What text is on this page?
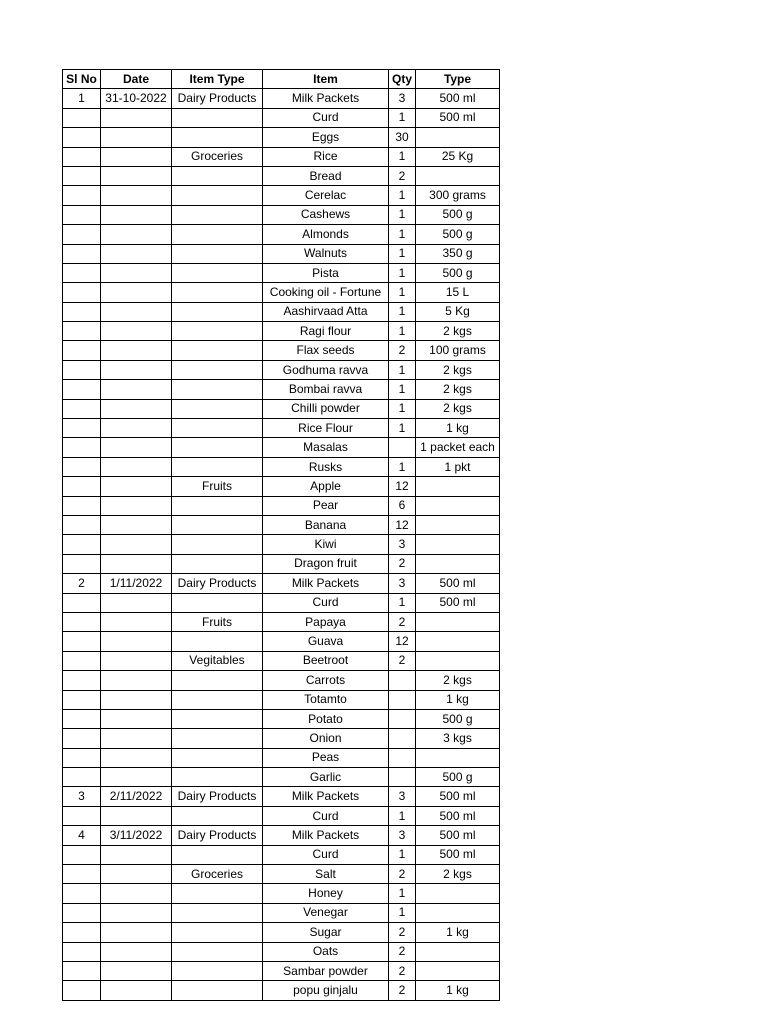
Sl No	Date	Item Type	Item	Qty	Type
1	31-10-2022	Dairy Products	Milk Packets	3	500 ml
			Curd	1	500 ml
			Eggs	30	
		Groceries	Rice	1	25 Kg
			Bread	2	
			Cerelac	1	300 grams
			Cashews	1	500 g
			Almonds	1	500 g
			Walnuts	1	350 g
			Pista	1	500 g
			Cooking oil - Fortune	1	15 L
			Aashirvaad Atta	1	5 Kg
			Ragi flour	1	2 kgs
			Flax seeds	2	100 grams
			Godhuma ravva	1	2 kgs
			Bombai ravva	1	2 kgs
			Chilli powder	1	2 kgs
			Rice Flour	1	1 kg
			Masalas		1 packet each
			Rusks	1	1 pkt
		Fruits	Apple	12	
			Pear	6	
			Banana	12	
			Kiwi	3	
			Dragon fruit	2	
2	1/11/2022	Dairy Products	Milk Packets	3	500 ml
			Curd	1	500 ml
		Fruits	Papaya	2	
			Guava	12	
		Vegitables	Beetroot	2	
			Carrots		2 kgs
			Totamto		1 kg
			Potato		500 g
			Onion		3 kgs
			Peas		
			Garlic		500 g
3	2/11/2022	Dairy Products	Milk Packets	3	500 ml
			Curd	1	500 ml
4	3/11/2022	Dairy Products	Milk Packets	3	500 ml
			Curd	1	500 ml
		Groceries	Salt	2	2 kgs
			Honey	1	
			Venegar	1	
			Sugar	2	1 kg
			Oats	2	
			Sambar powder	2	
			popu ginjalu	2	1 kg
